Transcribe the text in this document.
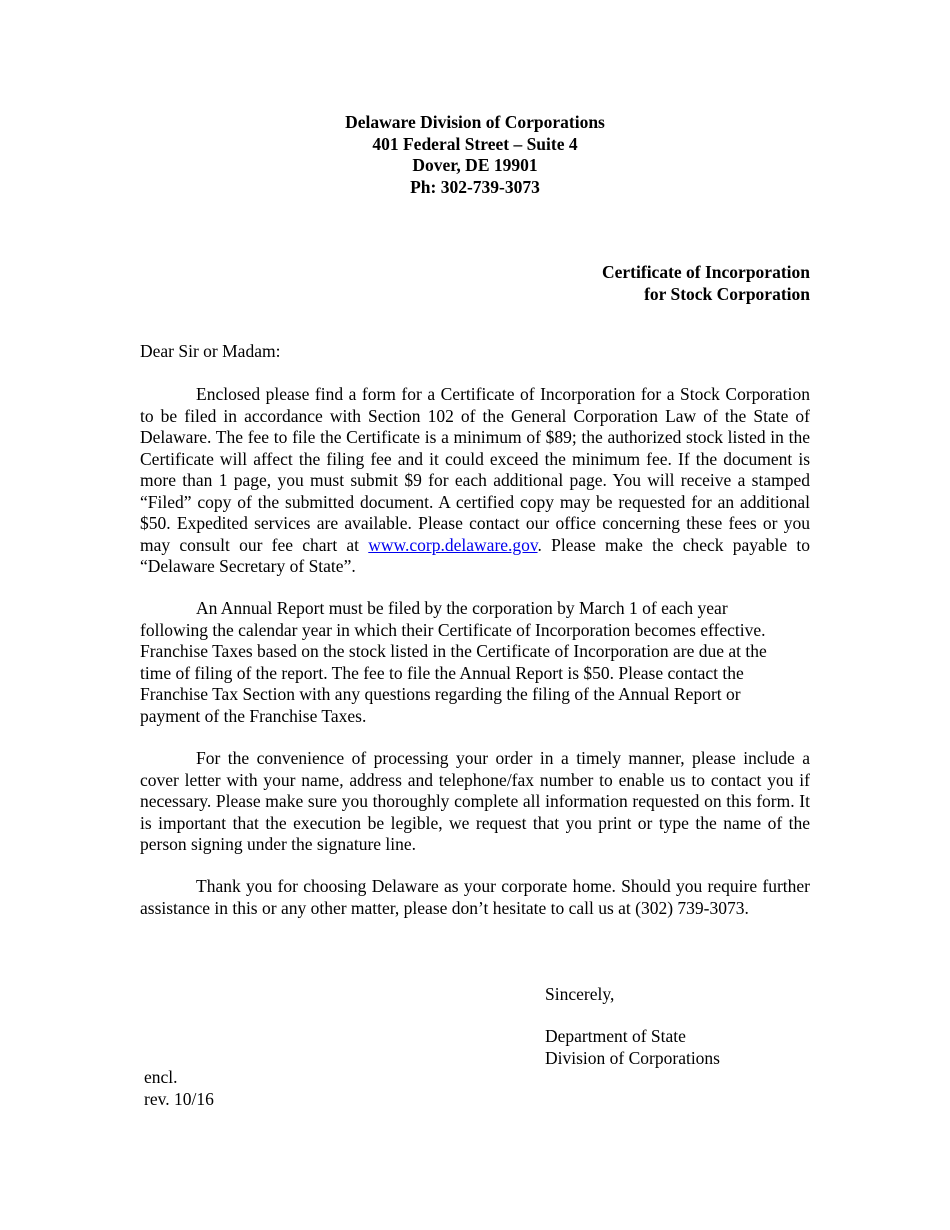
Delaware Division of Corporations
401 Federal Street – Suite 4
Dover, DE 19901
Ph: 302-739-3073
Certificate of Incorporation
for Stock Corporation
Dear Sir or Madam:

Enclosed please find a form for a Certificate of Incorporation for a Stock Corporation to be filed in accordance with Section 102 of the General Corporation Law of the State of Delaware. The fee to file the Certificate is a minimum of $89; the authorized stock listed in the Certificate will affect the filing fee and it could exceed the minimum fee. If the document is more than 1 page, you must submit $9 for each additional page. You will receive a stamped “Filed” copy of the submitted document. A certified copy may be requested for an additional $50. Expedited services are available. Please contact our office concerning these fees or you may consult our fee chart at www.corp.delaware.gov. Please make the check payable to “Delaware Secretary of State”.

An Annual Report must be filed by the corporation by March 1 of each year
following the calendar year in which their Certificate of Incorporation becomes effective.
Franchise Taxes based on the stock listed in the Certificate of Incorporation are due at the
time of filing of the report. The fee to file the Annual Report is $50. Please contact the
Franchise Tax Section with any questions regarding the filing of the Annual Report or
payment of the Franchise Taxes.

For the convenience of processing your order in a timely manner, please include a cover letter with your name, address and telephone/fax number to enable us to contact you if necessary. Please make sure you thoroughly complete all information requested on this form. It is important that the execution be legible, we request that you print or type the name of the person signing under the signature line.

Thank you for choosing Delaware as your corporate home. Should you require further assistance in this or any other matter, please don’t hesitate to call us at (302) 739-3073.

Sincerely,
Department of State
Division of Corporations
encl.
rev. 10/16
